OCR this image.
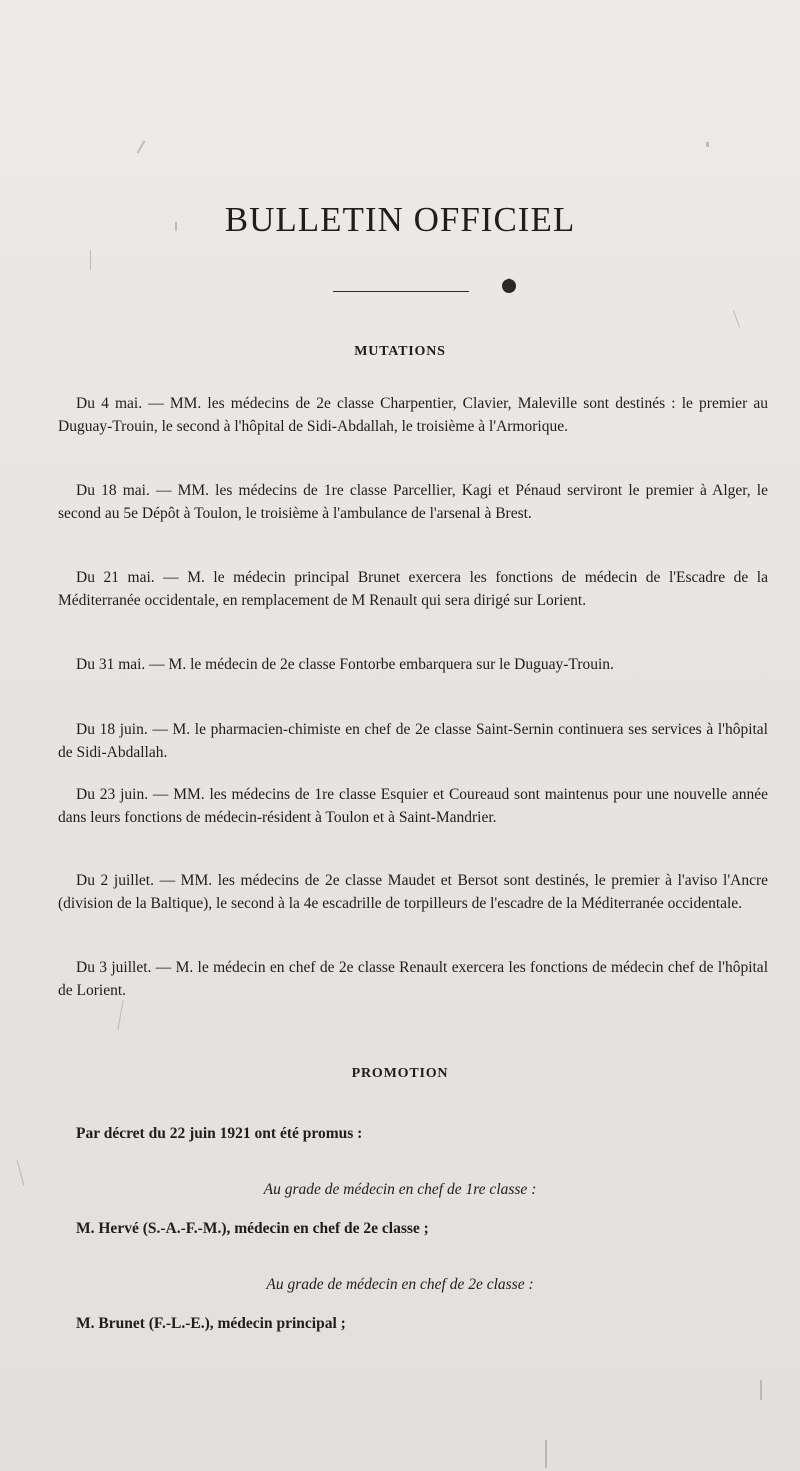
BULLETIN OFFICIEL
MUTATIONS

Du 4 mai. — MM. les médecins de 2e classe Charpentier, Clavier, Maleville sont destinés : le premier au Duguay-Trouin, le second à l'hôpital de Sidi-Abdallah, le troisième à l'Armorique.

Du 18 mai. — MM. les médecins de 1re classe Parcellier, Kagi et Pénaud serviront le premier à Alger, le second au 5e Dépôt à Toulon, le troisième à l'ambulance de l'arsenal à Brest.

Du 21 mai. — M. le médecin principal Brunet exercera les fonctions de médecin de l'Escadre de la Méditerranée occidentale, en remplacement de M Renault qui sera dirigé sur Lorient.

Du 31 mai. — M. le médecin de 2e classe Fontorbe embarquera sur le Duguay-Trouin.

Du 18 juin. — M. le pharmacien-chimiste en chef de 2e classe Saint-Sernin continuera ses services à l'hôpital de Sidi-Abdallah.

Du 23 juin. — MM. les médecins de 1re classe Esquier et Coureaud sont maintenus pour une nouvelle année dans leurs fonctions de médecin-résident à Toulon et à Saint-Mandrier.

Du 2 juillet. — MM. les médecins de 2e classe Maudet et Bersot sont destinés, le premier à l'aviso l'Ancre (division de la Baltique), le second à la 4e escadrille de torpilleurs de l'escadre de la Méditerranée occidentale.

Du 3 juillet. — M. le médecin en chef de 2e classe Renault exercera les fonctions de médecin chef de l'hôpital de Lorient.

PROMOTION

Par décret du 22 juin 1921 ont été promus :

Au grade de médecin en chef de 1re classe :

M. Hervé (S.-A.-F.-M.), médecin en chef de 2e classe ;

Au grade de médecin en chef de 2e classe :

M. Brunet (F.-L.-E.), médecin principal ;
